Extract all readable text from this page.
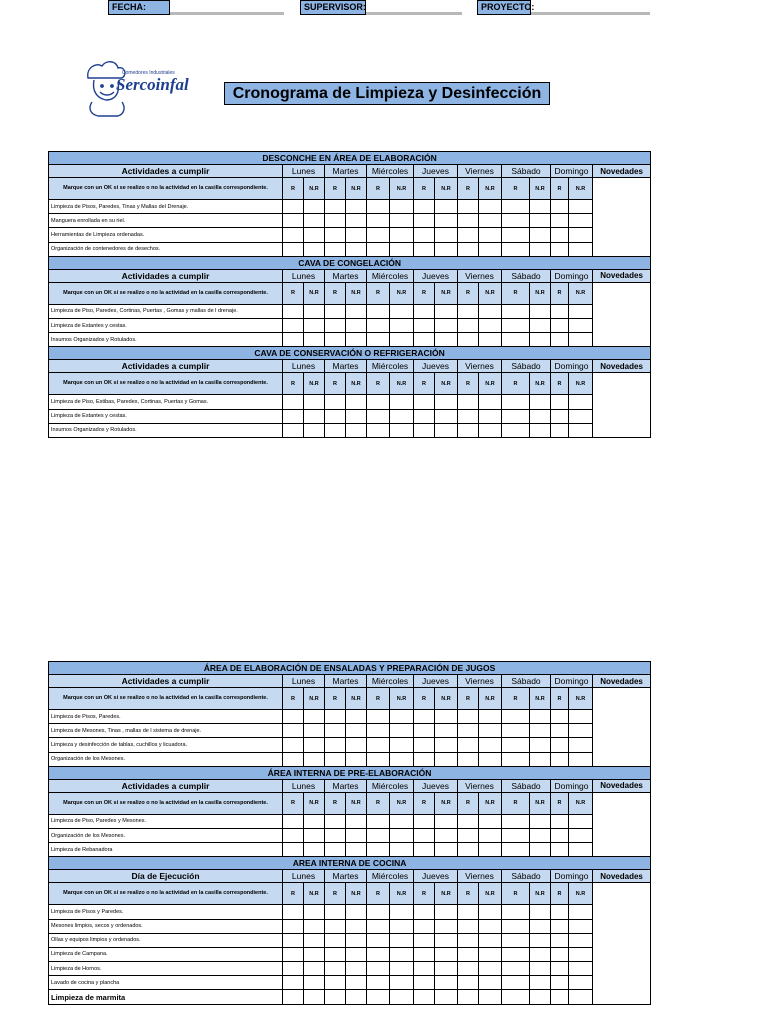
Comedores Industriales
Sercoinfal	Cronograma de Limpieza y Desinfección
FECHA:	SUPERVISOR:	PROYECTO:
DESCONCHE EN ÁREA DE ELABORACIÓN															
Actividades a cumplir	Lunes		Martes		Miércoles		Jueves		Viernes		Sábado		Domingo		Novedades
Marque con un OK si se realizo o no la actividad en la casilla correspondiente.	R	N.R	R	N.R	R	N.R	R	N.R	R	N.R	R	N.R	R	N.R	
Limpieza de Pisos, Paredes, Tinas y Mallas del Drenaje.															
Manguera enrollada en su riel.															
Herramientas de Limpieza ordenadas.															
Organización de contenedores de desechos.															
CAVA DE CONGELACIÓN															
Actividades a cumplir	Lunes		Martes		Miércoles		Jueves		Viernes		Sábado		Domingo		Novedades
Marque con un OK si se realizo o no la actividad en la casilla correspondiente.	R	N.R	R	N.R	R	N.R	R	N.R	R	N.R	R	N.R	R	N.R	
Limpieza de Piso, Paredes, Cortinas, Puertas , Gomas y mallas de l drenaje.															
Limpieza de Estantes y cestas.															
Insumos Organizados y Rotulados.															
CAVA DE CONSERVACIÓN O REFRIGERACIÓN															
Actividades a cumplir	Lunes		Martes		Miércoles		Jueves		Viernes		Sábado		Domingo		Novedades
Marque con un OK si se realizo o no la actividad en la casilla correspondiente.	R	N.R	R	N.R	R	N.R	R	N.R	R	N.R	R	N.R	R	N.R	
Limpieza de Piso, Estibas, Paredes, Cortinas, Puertas y Gomas.															
Limpieza de Estantes y cestas.															
Insumos Organizados y Rotulados.															
ÁREA DE ELABORACIÓN DE ENSALADAS Y PREPARACIÓN DE JUGOS															
Actividades a cumplir	Lunes		Martes		Miércoles		Jueves		Viernes		Sábado		Domingo		Novedades
Marque con un OK si se realizo o no la actividad en la casilla correspondiente.	R	N.R	R	N.R	R	N.R	R	N.R	R	N.R	R	N.R	R	N.R	
Limpieza de Pisos, Paredes.															
Limpieza de Mesones, Tinas , mallas de l sistema de drenaje.															
Limpieza y desinfección de tablas, cuchillos y licuadora.															
Organización de los Mesones.															
ÁREA INTERNA DE PRE-ELABORACIÓN															
Actividades a cumplir	Lunes		Martes		Miércoles		Jueves		Viernes		Sábado		Domingo		Novedades
Marque con un OK si se realizo o no la actividad en la casilla correspondiente.	R	N.R	R	N.R	R	N.R	R	N.R	R	N.R	R	N.R	R	N.R	
Limpieza de Piso, Paredes y Mesones.															
Organización de los Mesones.															
Limpieza de Rebanadora															
AREA INTERNA DE COCINA															
Día de Ejecución	Lunes		Martes		Miércoles		Jueves		Viernes		Sábado		Domingo		Novedades
Marque con un OK si se realizo o no la actividad en la casilla correspondiente.	R	N.R	R	N.R	R	N.R	R	N.R	R	N.R	R	N.R	R	N.R	
Limpieza de Pisos y Paredes.															
Mesones limpios, secos y ordenados.															
Ollas y equipos limpios y ordenados.															
Limpieza de Campana.															
Limpieza de Hornos.															
Lavado de cocina y plancha															
Limpieza de marmita															
